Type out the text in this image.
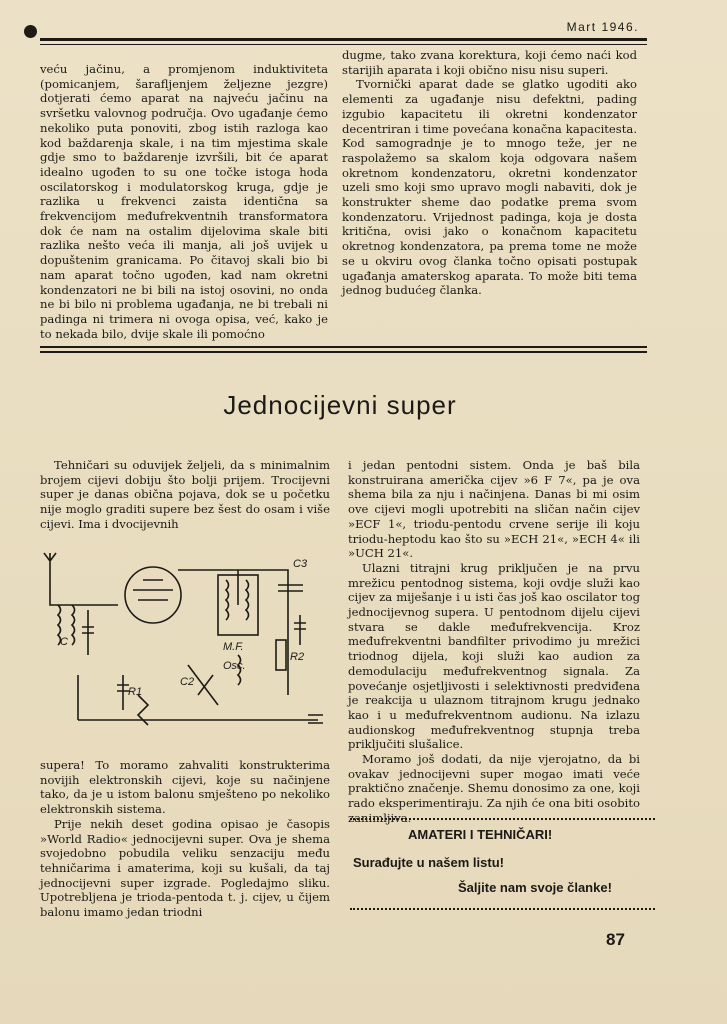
Mart 1946.

veću jačinu, a promjenom induktiviteta (pomicanjem, šarafljenjem željezne jezgre) dotjerati ćemo aparat na najveću jačinu na svršetku valovnog područja. Ovo ugađanje ćemo nekoliko puta ponoviti, zbog istih razloga kao kod baždarenja skale, i na tim mjestima skale gdje smo to baždarenje izvršili, bit će aparat idealno ugođen to su one točke istoga hoda oscilatorskog i modulatorskog kruga, gdje je razlika u frekvenci zaista identična sa frekvencijom međufrekventnih transformatora dok će nam na ostalim dijelovima skale biti razlika nešto veća ili manja, ali još uvijek u dopuštenim granicama. Po čitavoj skali bio bi nam aparat točno ugođen, kad nam okretni kondenzatori ne bi bili na istoj osovini, no onda ne bi bilo ni problema ugađanja, ne bi trebali ni padinga ni trimera ni ovoga opisa, već, kako je to nekada bilo, dvije skale ili pomoćno

dugme, tako zvana korektura, koji ćemo naći kod starijih aparata i koji obično nisu nisu superi.

Tvornički aparat dade se glatko ugoditi ako elementi za ugađanje nisu defektni, pading izgubio kapacitetu ili okretni kondenzator decentriran i time povećana konačna kapacitesta. Kod samogradnje je to mnogo teže, jer ne raspolažemo sa skalom koja odgovara našem okretnom kondenzatoru, okretni kondenzator uzeli smo koji smo upravo mogli nabaviti, dok je konstrukter sheme dao podatke prema svom kondenzatoru. Vrijednost padinga, koja je dosta kritična, ovisi jako o konačnom kapacitetu okretnog kondenzatora, pa prema tome ne može se u okviru ovog članka točno opisati postupak ugađanja amaterskog aparata. To može biti tema jednog budućeg članka.

Jednocijevni super

Tehničari su oduvijek željeli, da s minimalnim brojem cijevi dobiju što bolji prijem. Trocijevni super je danas obična pojava, dok se u početku nije moglo graditi supere bez šest do osam i više cijevi. Ima i dvocijevnih

C3
C	M.F.
Osc.
R2
R1
C2

supera! To moramo zahvaliti konstrukterima novijih elektronskih cijevi, koje su načinjene tako, da je u istom balonu smješteno po nekoliko elektronskih sistema.

Prije nekih deset godina opisao je časopis »World Radio« jednocijevni super. Ova je shema svojedobno pobudila veliku senzaciju među tehničarima i amaterima, koji su kušali, da taj jednocijevni super izgrade. Pogledajmo sliku. Upotrebljena je trioda-pentoda t. j. cijev, u čijem balonu imamo jedan triodni

i jedan pentodni sistem. Onda je baš bila konstruirana američka cijev »6 F 7«, pa je ova shema bila za nju i načinjena. Danas bi mi osim ove cijevi mogli upotrebiti na sličan način cijev »ECF 1«, triodu-pentodu crvene serije ili koju triodu-heptodu kao što su »ECH 21«, »ECH 4« ili »UCH 21«.

Ulazni titrajni krug priključen je na prvu mrežicu pentodnog sistema, koji ovdje služi kao cijev za miješanje i u isti čas još kao oscilator tog jednocijevnog supera. U pentodnom dijelu cijevi stvara se dakle međufrekvencija. Kroz međufrekventni bandfilter privodimo ju mrežici triodnog dijela, koji služi kao audion za demodulaciju međufrekventnog signala. Za povećanje osjetljivosti i selektivnosti predviđena je reakcija u ulaznom titrajnom krugu jednako kao i u međufrekventnom audionu. Na izlazu audionskog međufrekventnog stupnja treba priključiti slušalice.

Moramo još dodati, da nije vjerojatno, da bi ovakav jednocijevni super mogao imati veće praktično značenje. Shemu donosimo za one, koji rado eksperimentiraju. Za njih će ona biti osobito zanimljiva.

AMATERI I TEHNIČARI!
Surađujte u našem listu!
Šaljite nam svoje članke!
87
